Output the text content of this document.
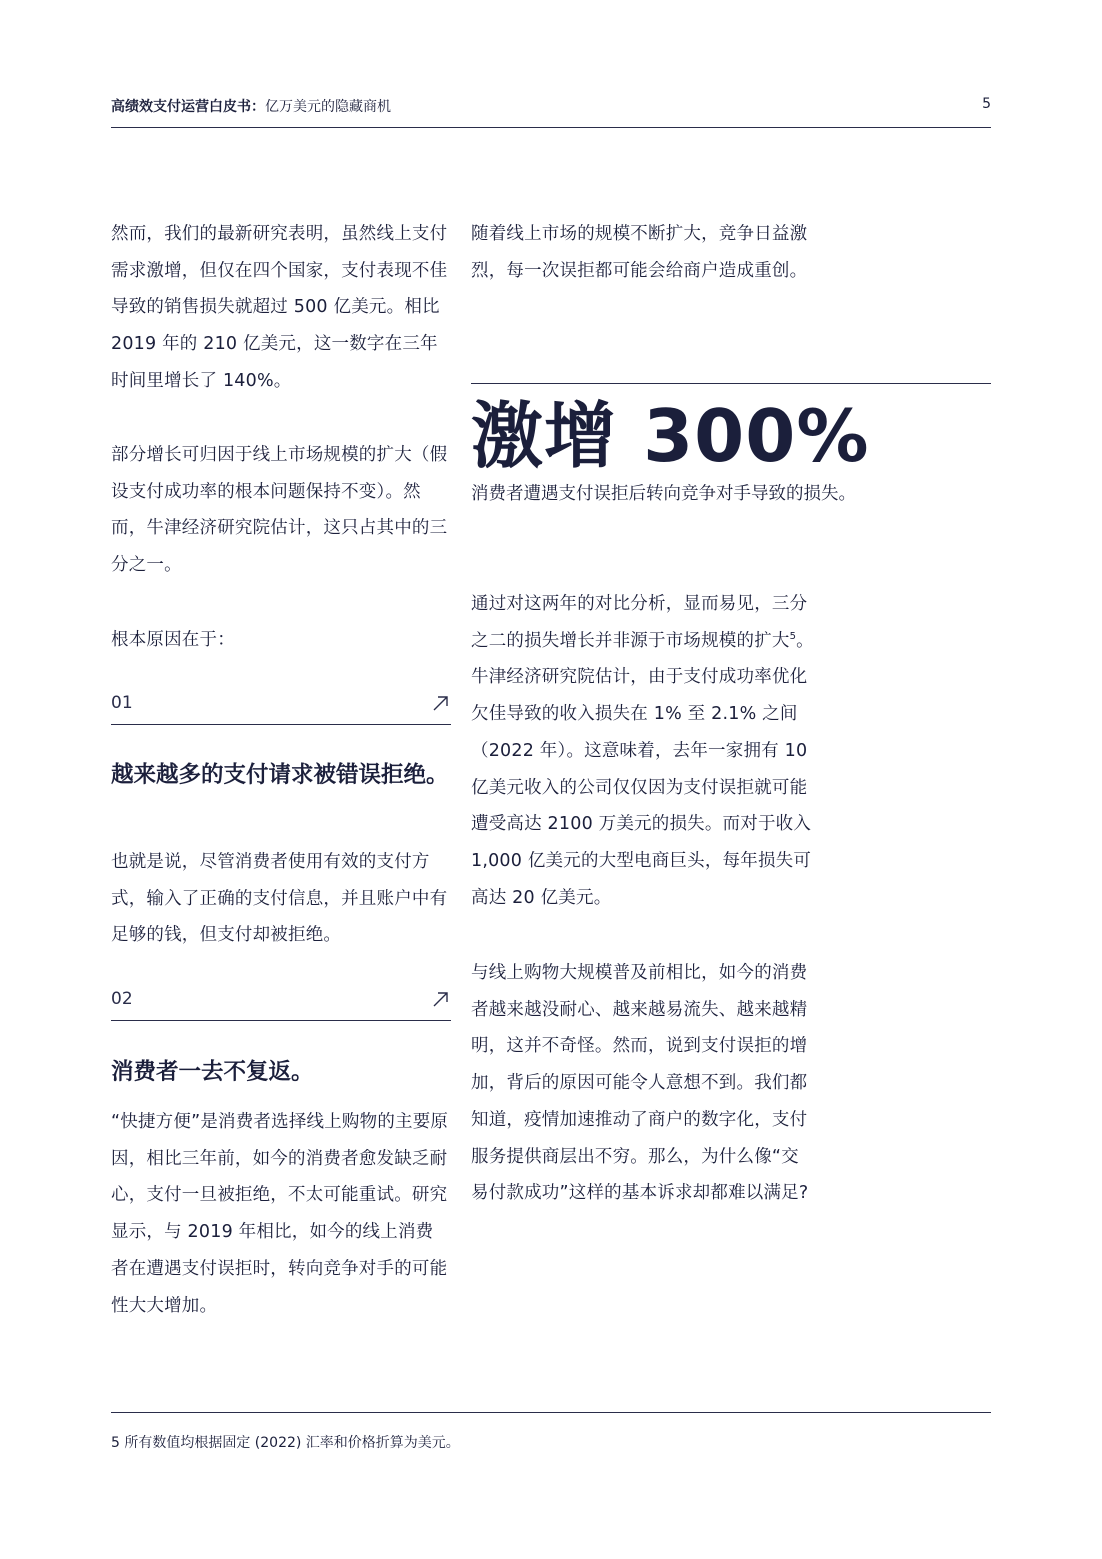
高绩效支付运营白皮书：亿万美元的隐藏商机	5
然而，我们的最新研究表明，虽然线上支付需求激增，但仅在四个国家，支付表现不佳导致的销售损失就超过 500 亿美元。相比 2019 年的 210 亿美元，这一数字在三年时间里增长了 140%。
部分增长可归因于线上市场规模的扩大（假设支付成功率的根本问题保持不变）。然而，牛津经济研究院估计，这只占其中的三分之一。
根本原因在于：
01
越来越多的支付请求被错误拒绝。
也就是说，尽管消费者使用有效的支付方式，输入了正确的支付信息，并且账户中有足够的钱，但支付却被拒绝。
02
消费者一去不复返。
“快捷方便”是消费者选择线上购物的主要原因，相比三年前，如今的消费者愈发缺乏耐心，支付一旦被拒绝，不太可能重试。研究显示，与 2019 年相比，如今的线上消费者在遭遇支付误拒时，转向竞争对手的可能性大大增加。
随着线上市场的规模不断扩大，竞争日益激烈，每一次误拒都可能会给商户造成重创。
激增 300%
消费者遭遇支付误拒后转向竞争对手导致的损失。
通过对这两年的对比分析，显而易见，三分之二的损失增长并非源于市场规模的扩大$^5$。牛津经济研究院估计，由于支付成功率优化欠佳导致的收入损失在 1% 至 2.1% 之间（2022 年）。这意味着，去年一家拥有 10 亿美元收入的公司仅仅因为支付误拒就可能遭受高达 2100 万美元的损失。而对于收入 1,000 亿美元的大型电商巨头，每年损失可高达 20 亿美元。
与线上购物大规模普及前相比，如今的消费者越来越没耐心、越来越易流失、越来越精明，这并不奇怪。然而，说到支付误拒的增加，背后的原因可能令人意想不到。我们都知道，疫情加速推动了商户的数字化，支付服务提供商层出不穷。那么，为什么像“交易付款成功”这样的基本诉求却都难以满足?
5 所有数值均根据固定 (2022) 汇率和价格折算为美元。
